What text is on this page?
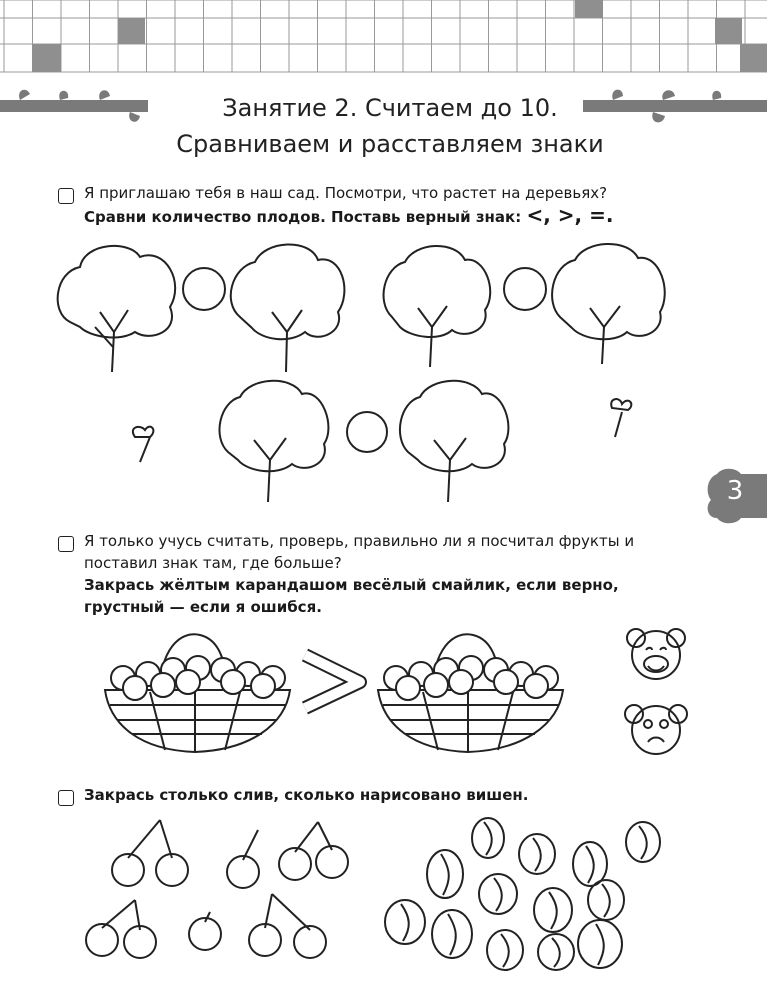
Занятие 2. Считаем до 10.
Сравниваем и расставляем знаки
Я приглашаю тебя в наш сад. Посмотри, что растет на деревьях?
Сравни количество плодов. Поставь верный знак: <, >, =.
3
Я только учусь считать, проверь, правильно ли я посчитал фрукты и
поставил знак там, где больше?
Закрась жёлтым карандашом весёлый смайлик, если верно,
грустный — если я ошибся.
Закрась столько слив, сколько нарисовано вишен.
